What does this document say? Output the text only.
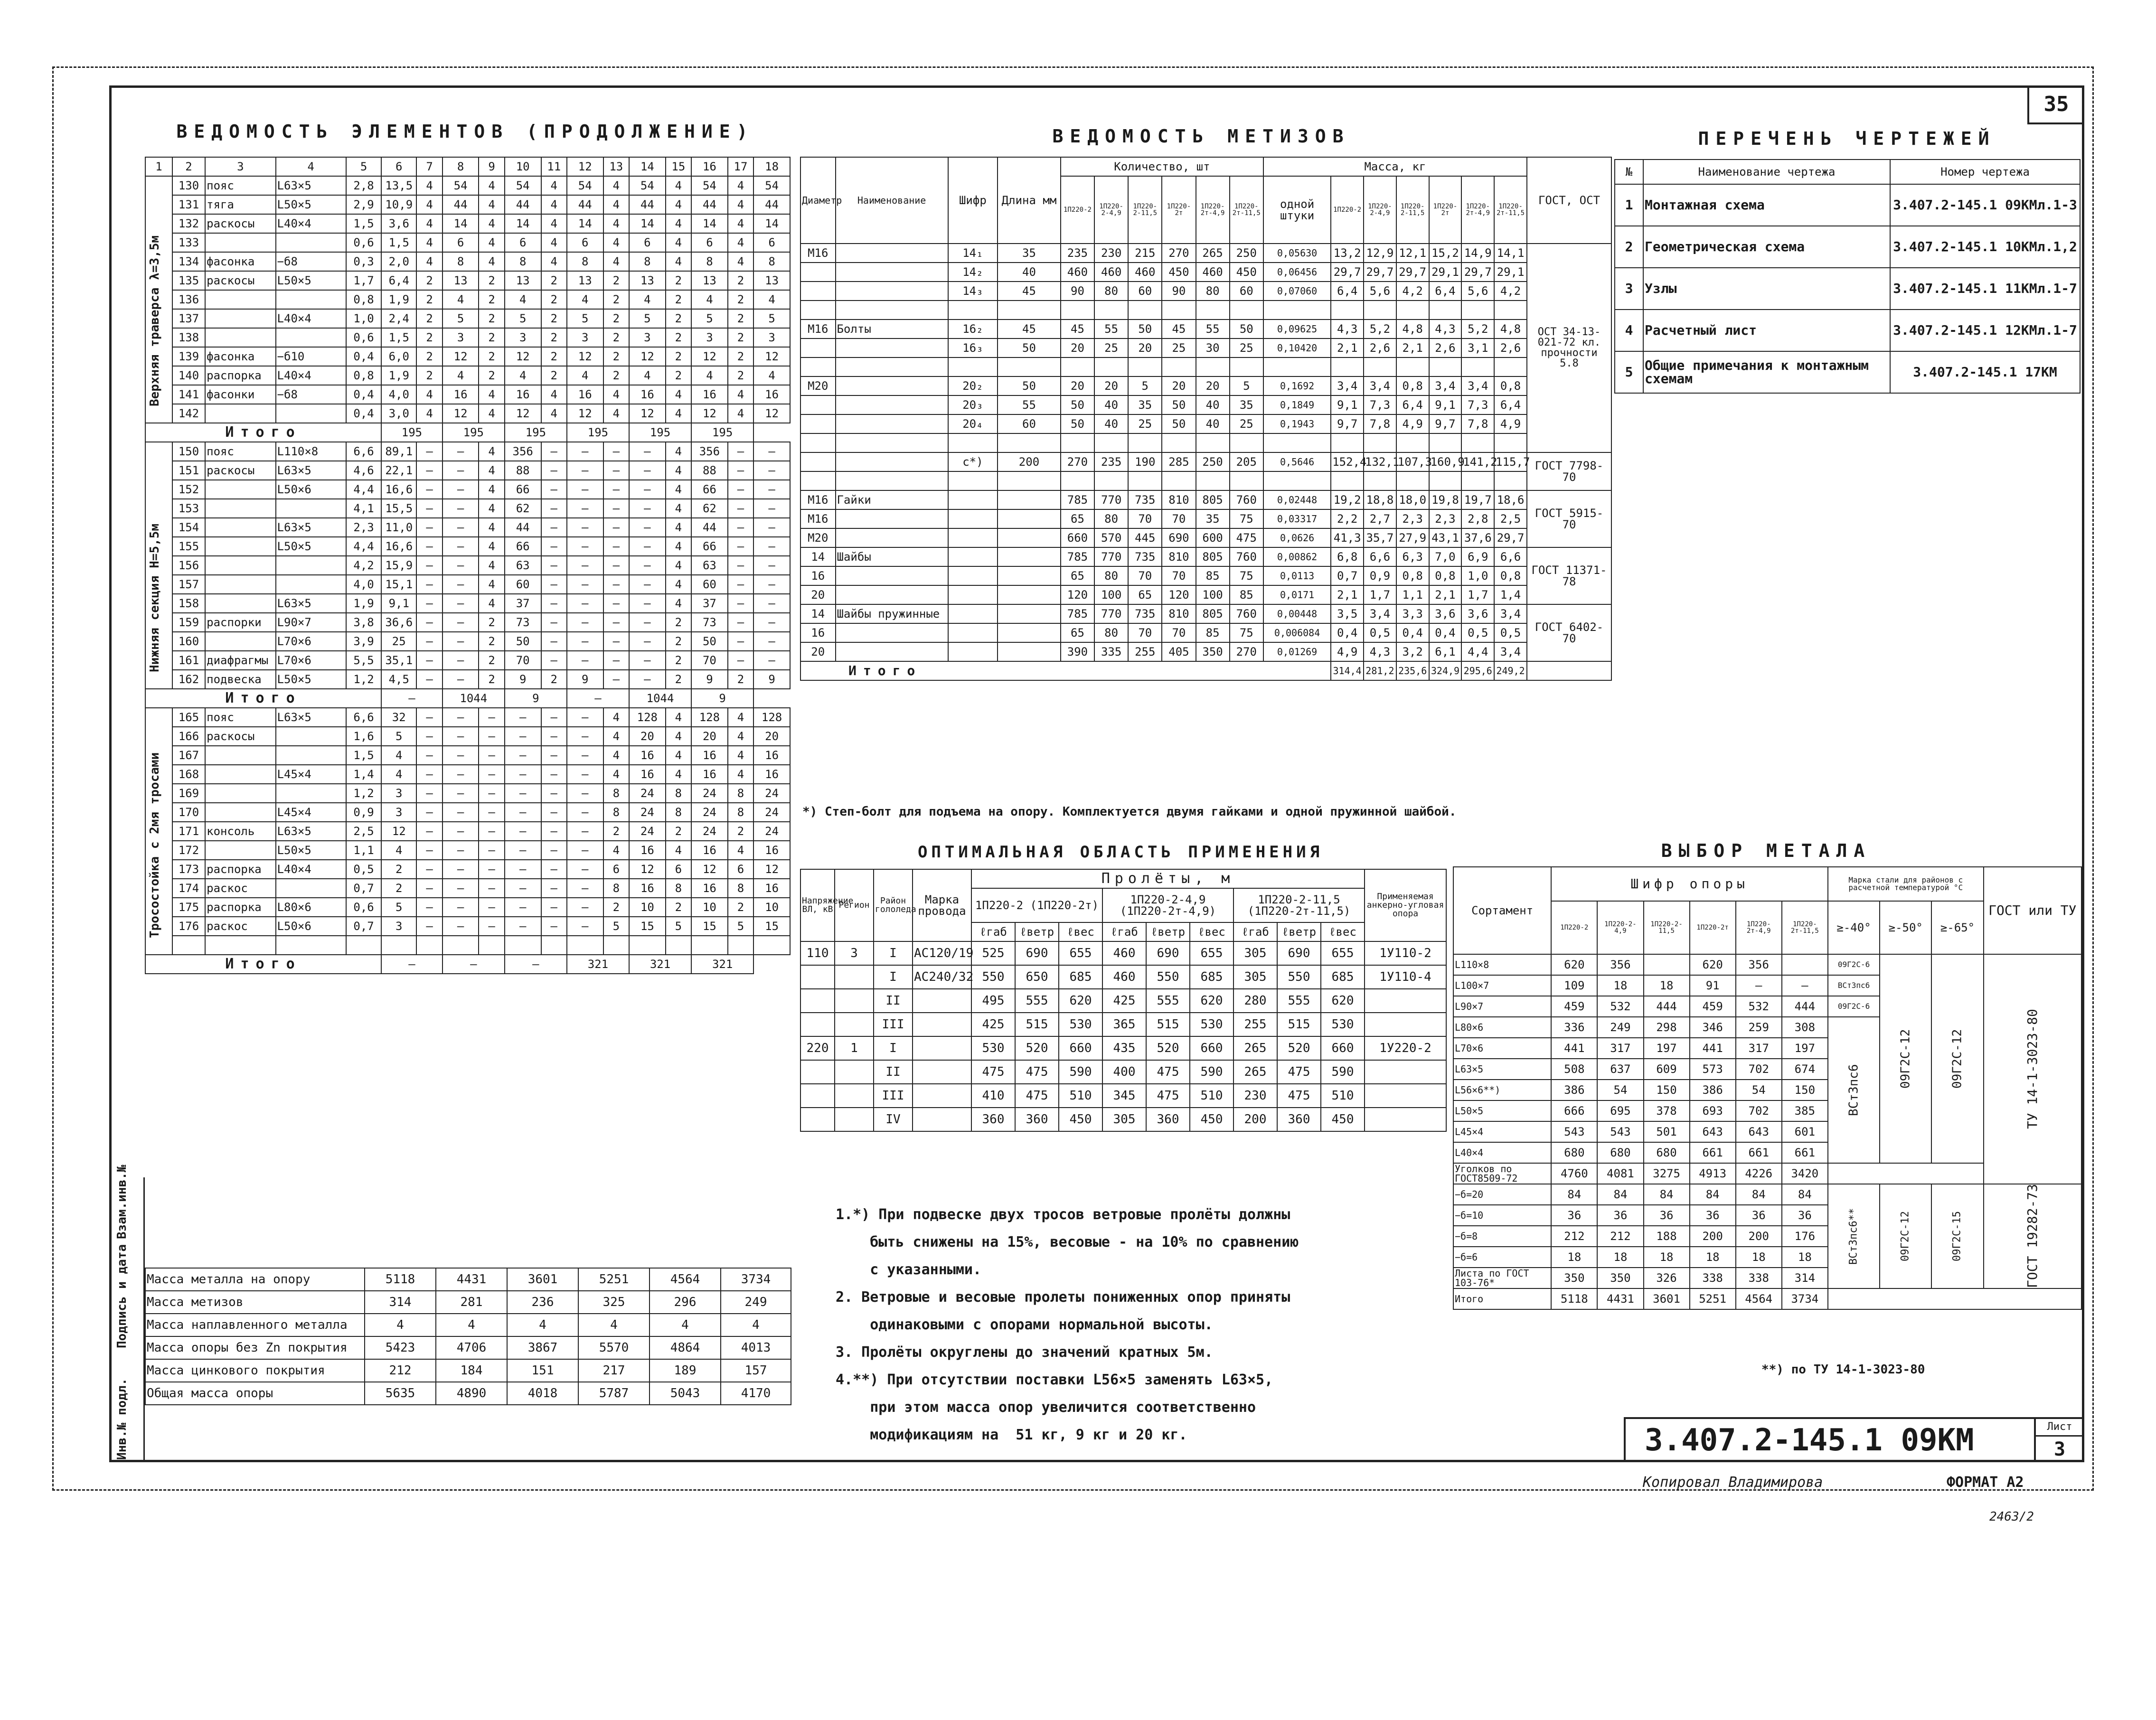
35
Инв.№ подл.
Подпись и дата
Взам.инв.№
ВЕДОМОСТЬ ЭЛЕМЕНТОВ (ПРОДОЛЖЕНИЕ)
1	2	3	4	5	6	7	8	9	10	11	12	13	14	15	16	17	18

Верхняя траверса λ=3,5м	130	пояс	L63×5	2,8	13,5	4	54	4	54	4	54	4	54	4	54	4	54
	131	тяга	L50×5	2,9	10,9	4	44	4	44	4	44	4	44	4	44	4	44
	132	раскосы	L40×4	1,5	3,6	4	14	4	14	4	14	4	14	4	14	4	14
	133			0,6	1,5	4	6	4	6	4	6	4	6	4	6	4	6
	134	фасонка	−б8	0,3	2,0	4	8	4	8	4	8	4	8	4	8	4	8
	135	раскосы	L50×5	1,7	6,4	2	13	2	13	2	13	2	13	2	13	2	13
	136			0,8	1,9	2	4	2	4	2	4	2	4	2	4	2	4
	137		L40×4	1,0	2,4	2	5	2	5	2	5	2	5	2	5	2	5
	138			0,6	1,5	2	3	2	3	2	3	2	3	2	3	2	3
	139	фасонка	−б10	0,4	6,0	2	12	2	12	2	12	2	12	2	12	2	12
	140	распорка	L40×4	0,8	1,9	2	4	2	4	2	4	2	4	2	4	2	4
	141	фасонки	−б8	0,4	4,0	4	16	4	16	4	16	4	16	4	16	4	16
	142			0,4	3,0	4	12	4	12	4	12	4	12	4	12	4	12
Итого					195		195		195		195		195		195		

Нижняя секция Н=5,5м	150	пояс	L110×8	6,6	89,1	—	—	4	356	—	—	—	—	4	356	—	—
	151	раскосы	L63×5	4,6	22,1	—	—	4	88	—	—	—	—	4	88	—	—
	152		L50×6	4,4	16,6	—	—	4	66	—	—	—	—	4	66	—	—
	153			4,1	15,5	—	—	4	62	—	—	—	—	4	62	—	—
	154		L63×5	2,3	11,0	—	—	4	44	—	—	—	—	4	44	—	—
	155		L50×5	4,4	16,6	—	—	4	66	—	—	—	—	4	66	—	—
	156			4,2	15,9	—	—	4	63	—	—	—	—	4	63	—	—
	157			4,0	15,1	—	—	4	60	—	—	—	—	4	60	—	—
	158		L63×5	1,9	9,1	—	—	4	37	—	—	—	—	4	37	—	—
	159	распорки	L90×7	3,8	36,6	—	—	2	73	—	—	—	—	2	73	—	—
	160		L70×6	3,9	25	—	—	2	50	—	—	—	—	2	50	—	—
	161	диафрагмы	L70×6	5,5	35,1	—	—	2	70	—	—	—	—	2	70	—	—
	162	подвеска	L50×5	1,2	4,5	—	—	2	9	2	9	—	—	2	9	2	9
Итого					—		1044		9		—		1044		9		

Тросостойка с 2мя тросами	165	пояс	L63×5	6,6	32	—	—	—	—	—	—	4	128	4	128	4	128
	166	раскосы		1,6	5	—	—	—	—	—	—	4	20	4	20	4	20
	167			1,5	4	—	—	—	—	—	—	4	16	4	16	4	16
	168		L45×4	1,4	4	—	—	—	—	—	—	4	16	4	16	4	16
	169			1,2	3	—	—	—	—	—	—	8	24	8	24	8	24
	170		L45×4	0,9	3	—	—	—	—	—	—	8	24	8	24	8	24
	171	консоль	L63×5	2,5	12	—	—	—	—	—	—	2	24	2	24	2	24
	172		L50×5	1,1	4	—	—	—	—	—	—	4	16	4	16	4	16
	173	распорка	L40×4	0,5	2	—	—	—	—	—	—	6	12	6	12	6	12
	174	раскос		0,7	2	—	—	—	—	—	—	8	16	8	16	8	16
	175	распорка	L80×6	0,6	5	—	—	—	—	—	—	2	10	2	10	2	10
	176	раскос	L50×6	0,7	3	—	—	—	—	—	—	5	15	5	15	5	15

Итого					—		—		—		321		321		321		
Масса металла на опору	5118	4431	3601	5251	4564	3734
Масса метизов	314	281	236	325	296	249
Масса наплавленного металла	4	4	4	4	4	4
Масса опоры без Zn покрытия	5423	4706	3867	5570	4864	4013
Масса цинкового покрытия	212	184	151	217	189	157
Общая масса опоры	5635	4890	4018	5787	5043	4170
ВЕДОМОСТЬ МЕТИЗОВ
Диаметр	Наименование	Шифр	Длина мм	Количество, шт						Масса, кг							ГОСТ, ОСТ
				1П220-2	1П220-2-4,9	1П220-2-11,5	1П220-2т	1П220-2т-4,9	1П220-2т-11,5	одной штуки	1П220-2	1П220-2-4,9	1П220-2-11,5	1П220-2т	1П220-2т-4,9	1П220-2т-11,5	
М16		14₁	35	235	230	215	270	265	250	0,05630	13,2	12,9	12,1	15,2	14,9	14,1	ОСТ 34-13-021-72 кл. прочности 5.8
		14₂	40	460	460	460	450	460	450	0,06456	29,7	29,7	29,7	29,1	29,7	29,1	
		14₃	45	90	80	60	90	80	60	0,07060	6,4	5,6	4,2	6,4	5,6	4,2	

М16	Болты	16₂	45	45	55	50	45	55	50	0,09625	4,3	5,2	4,8	4,3	5,2	4,8	
		16₃	50	20	25	20	25	30	25	0,10420	2,1	2,6	2,1	2,6	3,1	2,6	

М20		20₂	50	20	20	5	20	20	5	0,1692	3,4	3,4	0,8	3,4	3,4	0,8	
		20₃	55	50	40	35	50	40	35	0,1849	9,1	7,3	6,4	9,1	7,3	6,4	
		20₄	60	50	40	25	50	40	25	0,1943	9,7	7,8	4,9	9,7	7,8	4,9	

		с*)	200	270	235	190	285	250	205	0,5646	152,4	132,1	107,3	160,9	141,2	115,7	ГОСТ 7798-70

М16	Гайки			785	770	735	810	805	760	0,02448	19,2	18,8	18,0	19,8	19,7	18,6	ГОСТ 5915-70
М16				65	80	70	70	35	75	0,03317	2,2	2,7	2,3	2,3	2,8	2,5	
М20				660	570	445	690	600	475	0,0626	41,3	35,7	27,9	43,1	37,6	29,7	
14	Шайбы			785	770	735	810	805	760	0,00862	6,8	6,6	6,3	7,0	6,9	6,6	ГОСТ 11371-78
16				65	80	70	70	85	75	0,0113	0,7	0,9	0,8	0,8	1,0	0,8	
20				120	100	65	120	100	85	0,0171	2,1	1,7	1,1	2,1	1,7	1,4	
14	Шайбы пружинные			785	770	735	810	805	760	0,00448	3,5	3,4	3,3	3,6	3,6	3,4	ГОСТ 6402-70
16				65	80	70	70	85	75	0,006084	0,4	0,5	0,4	0,4	0,5	0,5	
20				390	335	255	405	350	270	0,01269	4,9	4,3	3,2	6,1	4,4	3,4	
Итого											314,4	281,2	235,6	324,9	295,6	249,2	
*) Степ-болт для подъема на опору. Комплектуется двумя гайками и одной пружинной шайбой.
ПЕРЕЧЕНЬ ЧЕРТЕЖЕЙ
№	Наименование чертежа	Номер чертежа
1	Монтажная схема	3.407.2-145.1 09КМл.1-3
2	Геометрическая схема	3.407.2-145.1 10КМл.1,2
3	Узлы	3.407.2-145.1 11КМл.1-7
4	Расчетный лист	3.407.2-145.1 12КМл.1-7
5	Общие примечания к монтажным схемам	3.407.2-145.1 17КМ
ОПТИМАЛЬНАЯ ОБЛАСТЬ ПРИМЕНЕНИЯ
Напряжение ВЛ, кВ	Регион	Район гололеда	Марка провода	Пролёты, м									Применяемая анкерно-угловая опора
				1П220-2 (1П220-2т)			1П220-2-4,9 (1П220-2т-4,9)			1П220-2-11,5 (1П220-2т-11,5)			
				ℓгаб	ℓветр	ℓвес	ℓгаб	ℓветр	ℓвес	ℓгаб	ℓветр	ℓвес	
110	3	I	АС120/19	525	690	655	460	690	655	305	690	655	1У110-2
		I	АС240/32	550	650	685	460	550	685	305	550	685	1У110-4
		II		495	555	620	425	555	620	280	555	620	
		III		425	515	530	365	515	530	255	515	530	
220	1	I		530	520	660	435	520	660	265	520	660	1У220-2
		II		475	475	590	400	475	590	265	475	590	
		III		410	475	510	345	475	510	230	475	510	
		IV		360	360	450	305	360	450	200	360	450	
1.*) При подвеске двух тросов ветровые пролёты должны
быть снижены на 15%, весовые - на 10% по сравнению
с указанными.
2. Ветровые и весовые пролеты пониженных опор приняты
одинаковыми с опорами нормальной высоты.
3. Пролёты округлены до значений кратных 5м.
4.**) При отсутствии поставки L56×5 заменять L63×5,
при этом масса опор увеличится соответственно
модификациям на  51 кг, 9 кг и 20 кг.
ВЫБОР МЕТАЛА
Сортамент	Шифр опоры						Марка стали для районов с расчетной температурой °С			ГОСТ или ТУ
	1П220-2	1П220-2-4,9	1П220-2-11,5	1П220-2т	1П220-2т-4,9	1П220-2т-11,5	≥-40°	≥-50°	≥-65°	
L110×8	620	356		620	356		09Г2С-6	09Г2С-12	09Г2С-12	ТУ 14-1-3023-80
L100×7	109	18	18	91	—	—	ВСт3пс6			
L90×7	459	532	444	459	532	444	09Г2С-6			
L80×6	336	249	298	346	259	308	ВСт3пс6			
L70×6	441	317	197	441	317	197				
L63×5	508	637	609	573	702	674				
L56×6**)	386	54	150	386	54	150				
L50×5	666	695	378	693	702	385				
L45×4	543	543	501	643	643	601				
L40×4	680	680	680	661	661	661				
Уголков по ГОСТ8509-72	4760	4081	3275	4913	4226	3420				
−б=20	84	84	84	84	84	84	ВСт3пс6**	09Г2С-12	09Г2С-15	ГОСТ 19282-73
−б=10	36	36	36	36	36	36				
−б=8	212	212	188	200	200	176				
−б=6	18	18	18	18	18	18				
Листа по ГОСТ 103-76*	350	350	326	338	338	314				
Итого	5118	4431	3601	5251	4564	3734				
**) по ТУ 14-1-3023-80
3.407.2-145.1 09КМ	Лист
3
Копировал Владимирова	ФОРМАТ А2
2463/2
